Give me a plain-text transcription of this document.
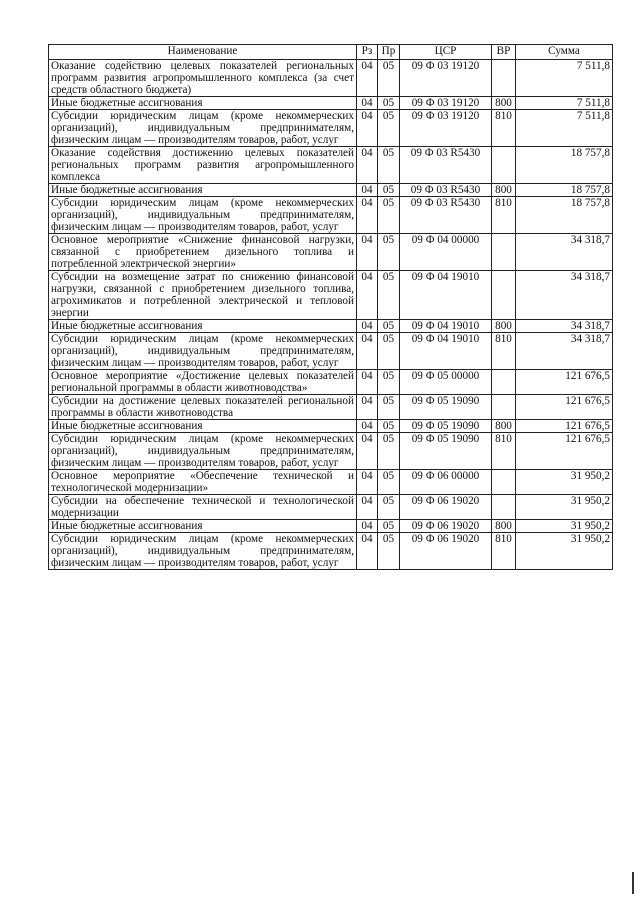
Наименование	Рз	Пр	ЦСР	ВР	Сумма
Оказание содействию целевых показателей региональных программ развития агропромышленного комплекса (за счет средств областного бюджета)	04	05	09 Ф 03 19120		7 511,8
Иные бюджетные ассигнования	04	05	09 Ф 03 19120	800	7 511,8
Субсидии юридическим лицам (кроме некоммерческих организаций), индивидуальным предпринимателям, физическим лицам — производителям товаров, работ, услуг	04	05	09 Ф 03 19120	810	7 511,8
Оказание содействия достижению целевых показателей региональных программ развития агропромышленного комплекса	04	05	09 Ф 03 R5430		18 757,8
Иные бюджетные ассигнования	04	05	09 Ф 03 R5430	800	18 757,8
Субсидии юридическим лицам (кроме некоммерческих организаций), индивидуальным предпринимателям, физическим лицам — производителям товаров, работ, услуг	04	05	09 Ф 03 R5430	810	18 757,8
Основное мероприятие «Снижение финансовой нагрузки, связанной с приобретением дизельного топлива и потребленной электрической энергии»	04	05	09 Ф 04 00000		34 318,7
Субсидии на возмещение затрат по снижению финансовой нагрузки, связанной с приобретением дизельного топлива, агрохимикатов и потребленной электрической и тепловой энергии	04	05	09 Ф 04 19010		34 318,7
Иные бюджетные ассигнования	04	05	09 Ф 04 19010	800	34 318,7
Субсидии юридическим лицам (кроме некоммерческих организаций), индивидуальным предпринимателям, физическим лицам — производителям товаров, работ, услуг	04	05	09 Ф 04 19010	810	34 318,7
Основное мероприятие «Достижение целевых показателей региональной программы в области животноводства»	04	05	09 Ф 05 00000		121 676,5
Субсидии на достижение целевых показателей региональной программы в области животноводства	04	05	09 Ф 05 19090		121 676,5
Иные бюджетные ассигнования	04	05	09 Ф 05 19090	800	121 676,5
Субсидии юридическим лицам (кроме некоммерческих организаций), индивидуальным предпринимателям, физическим лицам — производителям товаров, работ, услуг	04	05	09 Ф 05 19090	810	121 676,5
Основное мероприятие «Обеспечение технической и технологической модернизации»	04	05	09 Ф 06 00000		31 950,2
Субсидии на обеспечение технической и технологической модернизации	04	05	09 Ф 06 19020		31 950,2
Иные бюджетные ассигнования	04	05	09 Ф 06 19020	800	31 950,2
Субсидии юридическим лицам (кроме некоммерческих организаций), индивидуальным предпринимателям, физическим лицам — производителям товаров, работ, услуг	04	05	09 Ф 06 19020	810	31 950,2
